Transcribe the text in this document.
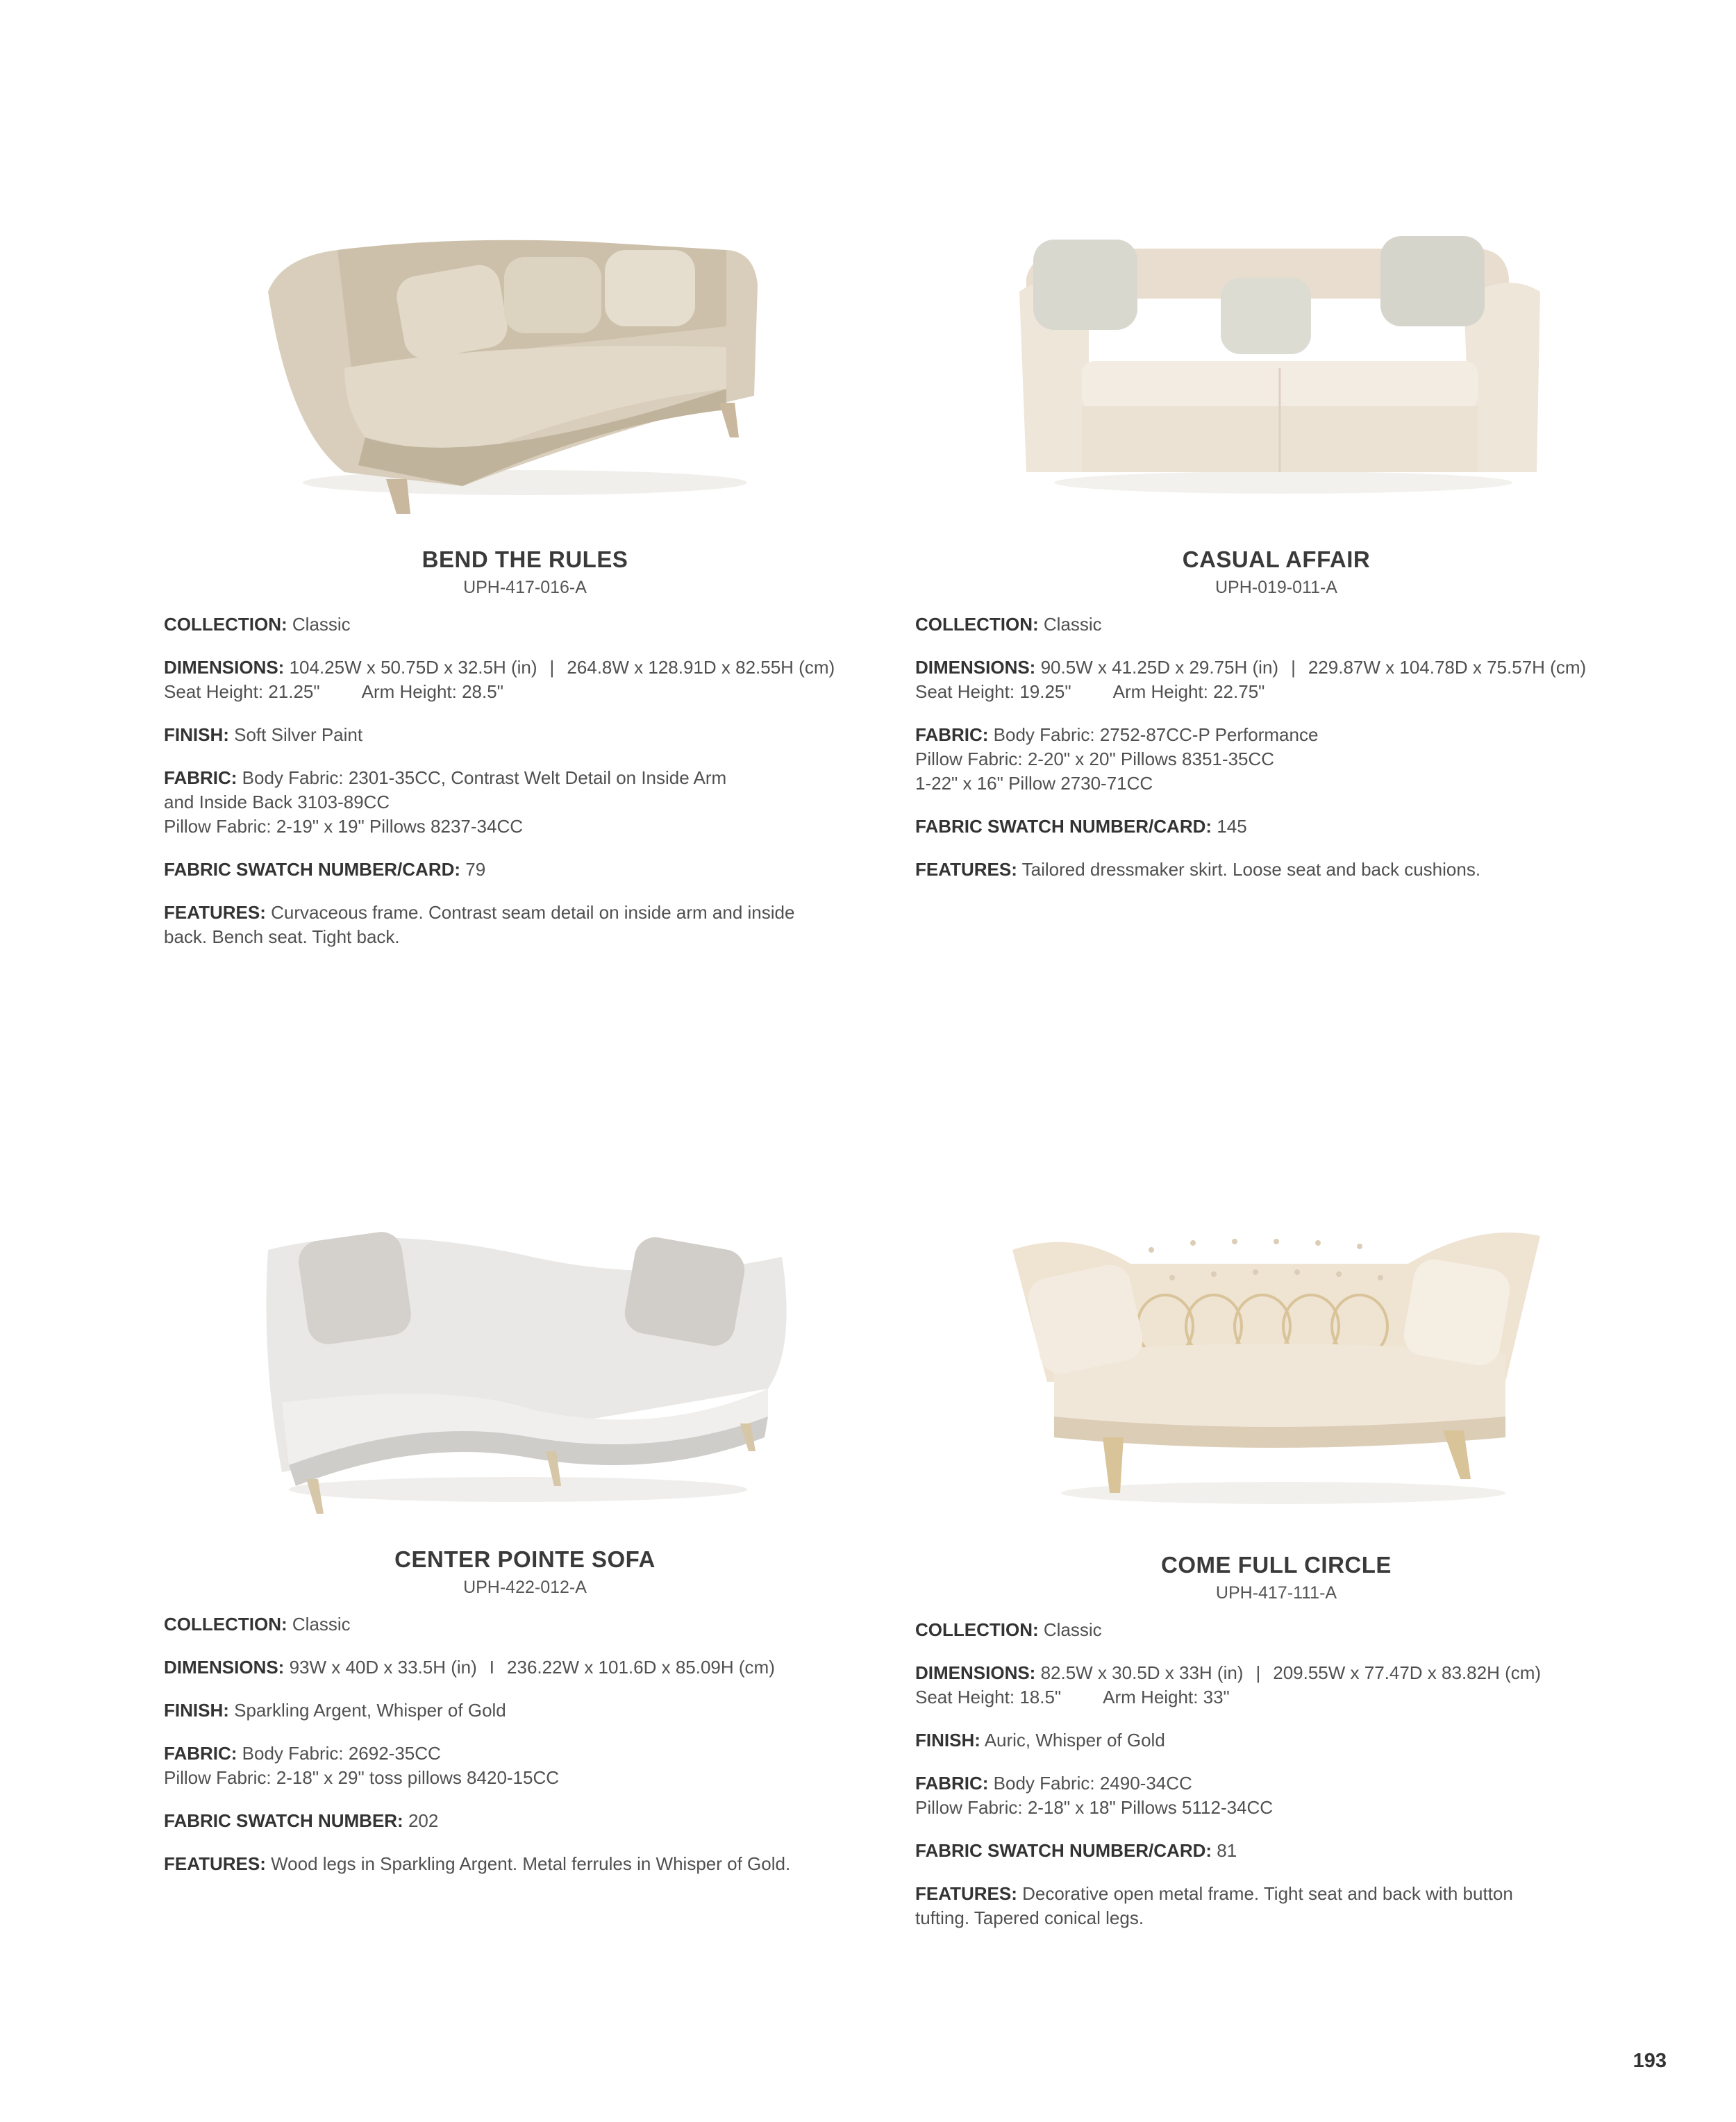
BEND THE RULES
UPH-417-016-A
COLLECTION: Classic
DIMENSIONS: 104.25W x 50.75D x 32.5H (in) | 264.8W x 128.91D x 82.55H (cm)
Seat Height: 21.25" Arm Height: 28.5"
FINISH: Soft Silver Paint
FABRIC: Body Fabric: 2301-35CC, Contrast Welt Detail on Inside Arm
and Inside Back 3103-89CC
Pillow Fabric: 2-19" x 19" Pillows 8237-34CC
FABRIC SWATCH NUMBER/CARD: 79
FEATURES: Curvaceous frame. Contrast seam detail on inside arm and inside
back. Bench seat. Tight back.
CASUAL AFFAIR
UPH-019-011-A
COLLECTION: Classic
DIMENSIONS: 90.5W x 41.25D x 29.75H (in) | 229.87W x 104.78D x 75.57H (cm)
Seat Height: 19.25" Arm Height: 22.75"
FABRIC: Body Fabric: 2752-87CC-P Performance
Pillow Fabric: 2-20" x 20" Pillows 8351-35CC
1-22" x 16" Pillow 2730-71CC
FABRIC SWATCH NUMBER/CARD: 145
FEATURES: Tailored dressmaker skirt. Loose seat and back cushions.
CENTER POINTE SOFA
UPH-422-012-A
COLLECTION: Classic
DIMENSIONS: 93W x 40D x 33.5H (in) I 236.22W x 101.6D x 85.09H (cm)
FINISH: Sparkling Argent, Whisper of Gold
FABRIC: Body Fabric: 2692-35CC
Pillow Fabric: 2-18" x 29" toss pillows 8420-15CC
FABRIC SWATCH NUMBER: 202
FEATURES: Wood legs in Sparkling Argent. Metal ferrules in Whisper of Gold.
COME FULL CIRCLE
UPH-417-111-A
COLLECTION: Classic
DIMENSIONS: 82.5W x 30.5D x 33H (in) | 209.55W x 77.47D x 83.82H (cm)
Seat Height: 18.5" Arm Height: 33"
FINISH: Auric, Whisper of Gold
FABRIC: Body Fabric: 2490-34CC
Pillow Fabric: 2-18" x 18" Pillows 5112-34CC
FABRIC SWATCH NUMBER/CARD: 81
FEATURES: Decorative open metal frame. Tight seat and back with button
tufting. Tapered conical legs.
193
